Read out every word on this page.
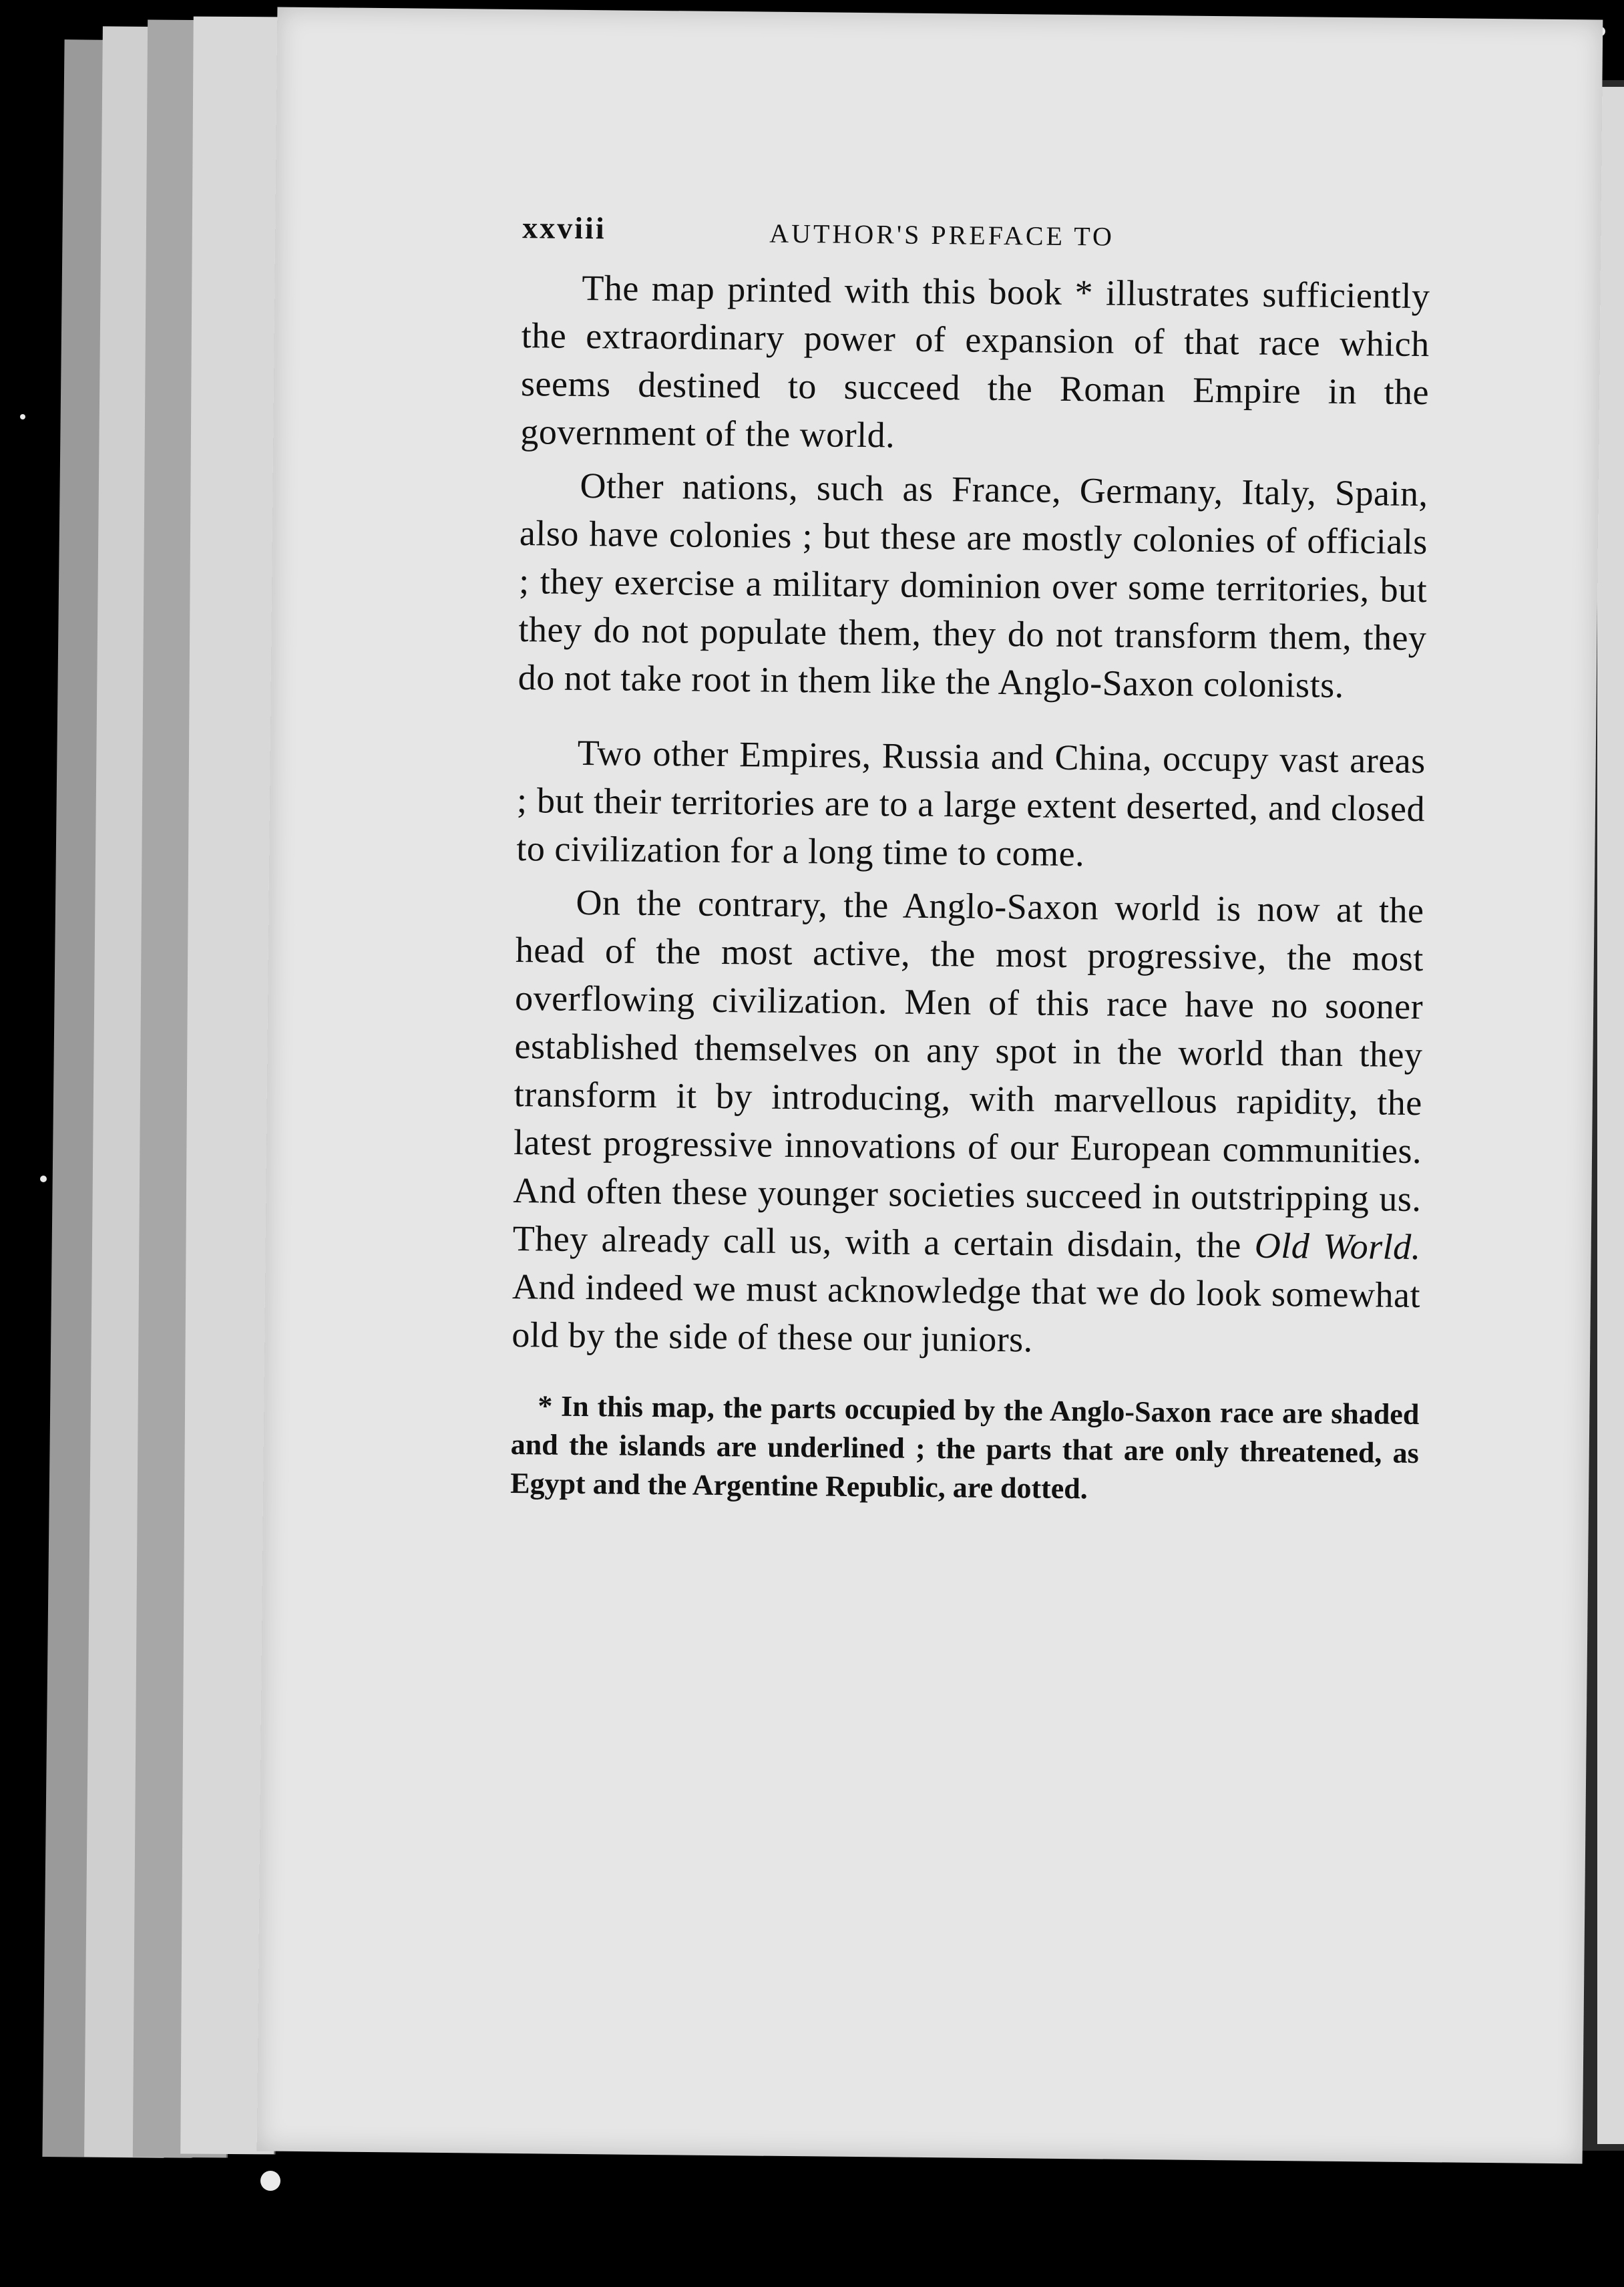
xxviii	AUTHOR'S PREFACE TO

The map printed with this book * illustrates sufficiently the extraordinary power of expansion of that race which seems destined to succeed the Roman Empire in the government of the world.

Other nations, such as France, Germany, Italy, Spain, also have colonies ; but these are mostly colonies of officials ; they exercise a military dominion over some territories, but they do not populate them, they do not transform them, they do not take root in them like the Anglo-Saxon colonists.

Two other Empires, Russia and China, occupy vast areas ; but their territories are to a large extent deserted, and closed to civilization for a long time to come.

On the contrary, the Anglo-Saxon world is now at the head of the most active, the most progressive, the most overflowing civilization. Men of this race have no sooner established themselves on any spot in the world than they transform it by introducing, with marvellous rapidity, the latest progressive innovations of our European communities. And often these younger societies succeed in outstripping us. They already call us, with a certain disdain, the Old World. And indeed we must acknowledge that we do look somewhat old by the side of these our juniors.

* In this map, the parts occupied by the Anglo-Saxon race are shaded and the islands are underlined ; the parts that are only threatened, as Egypt and the Argentine Republic, are dotted.
